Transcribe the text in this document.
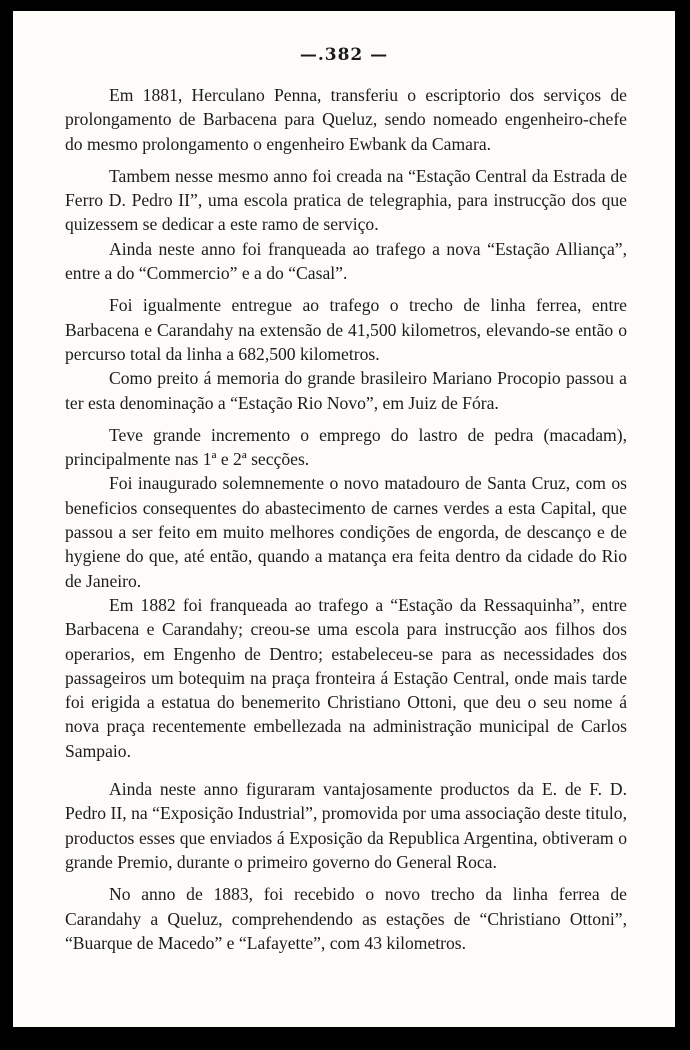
—.382 —

Em 1881, Herculano Penna, transferiu o escriptorio dos serviços de prolongamento de Barbacena para Queluz, sendo nomeado engenheiro-chefe do mesmo prolongamento o engenheiro Ewbank da Camara.

Tambem nesse mesmo anno foi creada na “Estação Central da Estrada de Ferro D. Pedro II”, uma escola pratica de telegraphia, para instrucção dos que quizessem se dedicar a este ramo de serviço.

Ainda neste anno foi franqueada ao trafego a nova “Estação Alliança”, entre a do “Commercio” e a do “Casal”.

Foi igualmente entregue ao trafego o trecho de linha ferrea, entre Barbacena e Carandahy na extensão de 41,500 kilometros, elevando-se então o percurso total da linha a 682,500 kilometros.

Como preito á memoria do grande brasileiro Mariano Procopio passou a ter esta denominação a “Estação Rio Novo”, em Juiz de Fóra.

Teve grande incremento o emprego do lastro de pedra (macadam), principalmente nas 1ª e 2ª secções.

Foi inaugurado solemnemente o novo matadouro de Santa Cruz, com os beneficios consequentes do abastecimento de carnes verdes a esta Capital, que passou a ser feito em muito melhores condições de engorda, de descanço e de hygiene do que, até então, quando a matança era feita dentro da cidade do Rio de Janeiro.

Em 1882 foi franqueada ao trafego a “Estação da Ressaquinha”, entre Barbacena e Carandahy; creou-se uma escola para instrucção aos filhos dos operarios, em Engenho de Dentro; estabeleceu-se para as necessidades dos passageiros um botequim na praça fronteira á Estação Central, onde mais tarde foi erigida a estatua do benemerito Christiano Ottoni, que deu o seu nome á nova praça recentemente embellezada na administração municipal de Carlos Sampaio.

Ainda neste anno figuraram vantajosamente productos da E. de F. D. Pedro II, na “Exposição Industrial”, promovida por uma associação deste titulo, productos esses que enviados á Exposição da Republica Argentina, obtiveram o grande Premio, durante o primeiro governo do General Roca.

No anno de 1883, foi recebido o novo trecho da linha ferrea de Carandahy a Queluz, comprehendendo as estações de “Christiano Ottoni”, “Buarque de Macedo” e “Lafayette”, com 43 kilometros.
